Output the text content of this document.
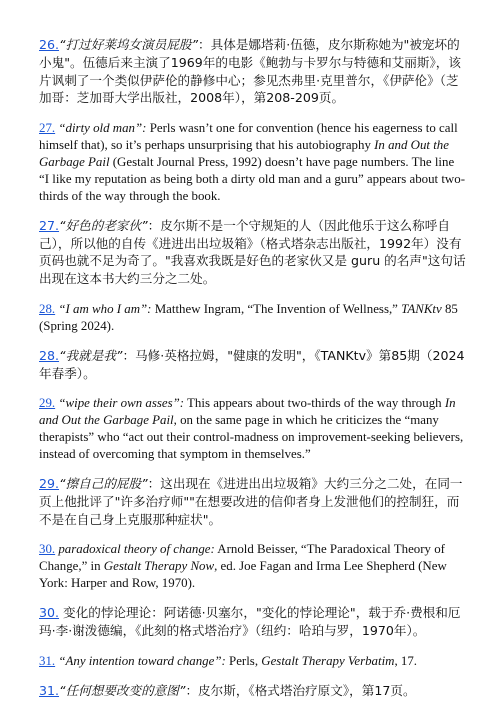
26.“打过好莱坞女演员屁股”：具体是娜塔莉·伍德，皮尔斯称她为"被宠坏的小鬼"。伍德后来主演了1969年的电影《鲍勃与卡罗尔与特德和艾丽斯》，该片讽刺了一个类似伊萨伦的静修中心；参见杰弗里·克里普尔，《伊萨伦》（芝加哥：芝加哥大学出版社，2008年），第208-209页。

27. “dirty old man”: Perls wasn’t one for convention (hence his eagerness to call himself that), so it’s perhaps unsurprising that his autobiography In and Out the Garbage Pail (Gestalt Journal Press, 1992) doesn’t have page numbers. The line “I like my reputation as being both a dirty old man and a guru” appears about two-thirds of the way through the book.

27.“好色的老家伙”：皮尔斯不是一个守规矩的人（因此他乐于这么称呼自己），所以他的自传《进进出出垃圾箱》（格式塔杂志出版社，1992年）没有页码也就不足为奇了。"我喜欢我既是好色的老家伙又是 guru 的名声"这句话出现在这本书大约三分之二处。

28. “I am who I am”: Matthew Ingram, “The Invention of Wellness,” TANKtv 85 (Spring 2024).

28.“我就是我”：马修·英格拉姆，"健康的发明"，《TANKtv》第85期（2024年春季）。

29. “wipe their own asses”: This appears about two-thirds of the way through In and Out the Garbage Pail, on the same page in which he criticizes the “many therapists” who “act out their control-madness on improvement-seeking believers, instead of overcoming that symptom in themselves.”

29.“擦自己的屁股”：这出现在《进进出出垃圾箱》大约三分之二处，在同一页上他批评了"许多治疗师""在想要改进的信仰者身上发泄他们的控制狂，而不是在自己身上克服那种症状"。

30. paradoxical theory of change: Arnold Beisser, “The Paradoxical Theory of Change,” in Gestalt Therapy Now, ed. Joe Fagan and Irma Lee Shepherd (New York: Harper and Row, 1970).

30. 变化的悖论理论：阿诺德·贝塞尔，"变化的悖论理论"，载于乔·费根和厄玛·李·谢泼德编，《此刻的格式塔治疗》（纽约：哈珀与罗，1970年）。

31. “Any intention toward change”: Perls, Gestalt Therapy Verbatim, 17.

31.“任何想要改变的意图”：皮尔斯，《格式塔治疗原文》，第17页。
